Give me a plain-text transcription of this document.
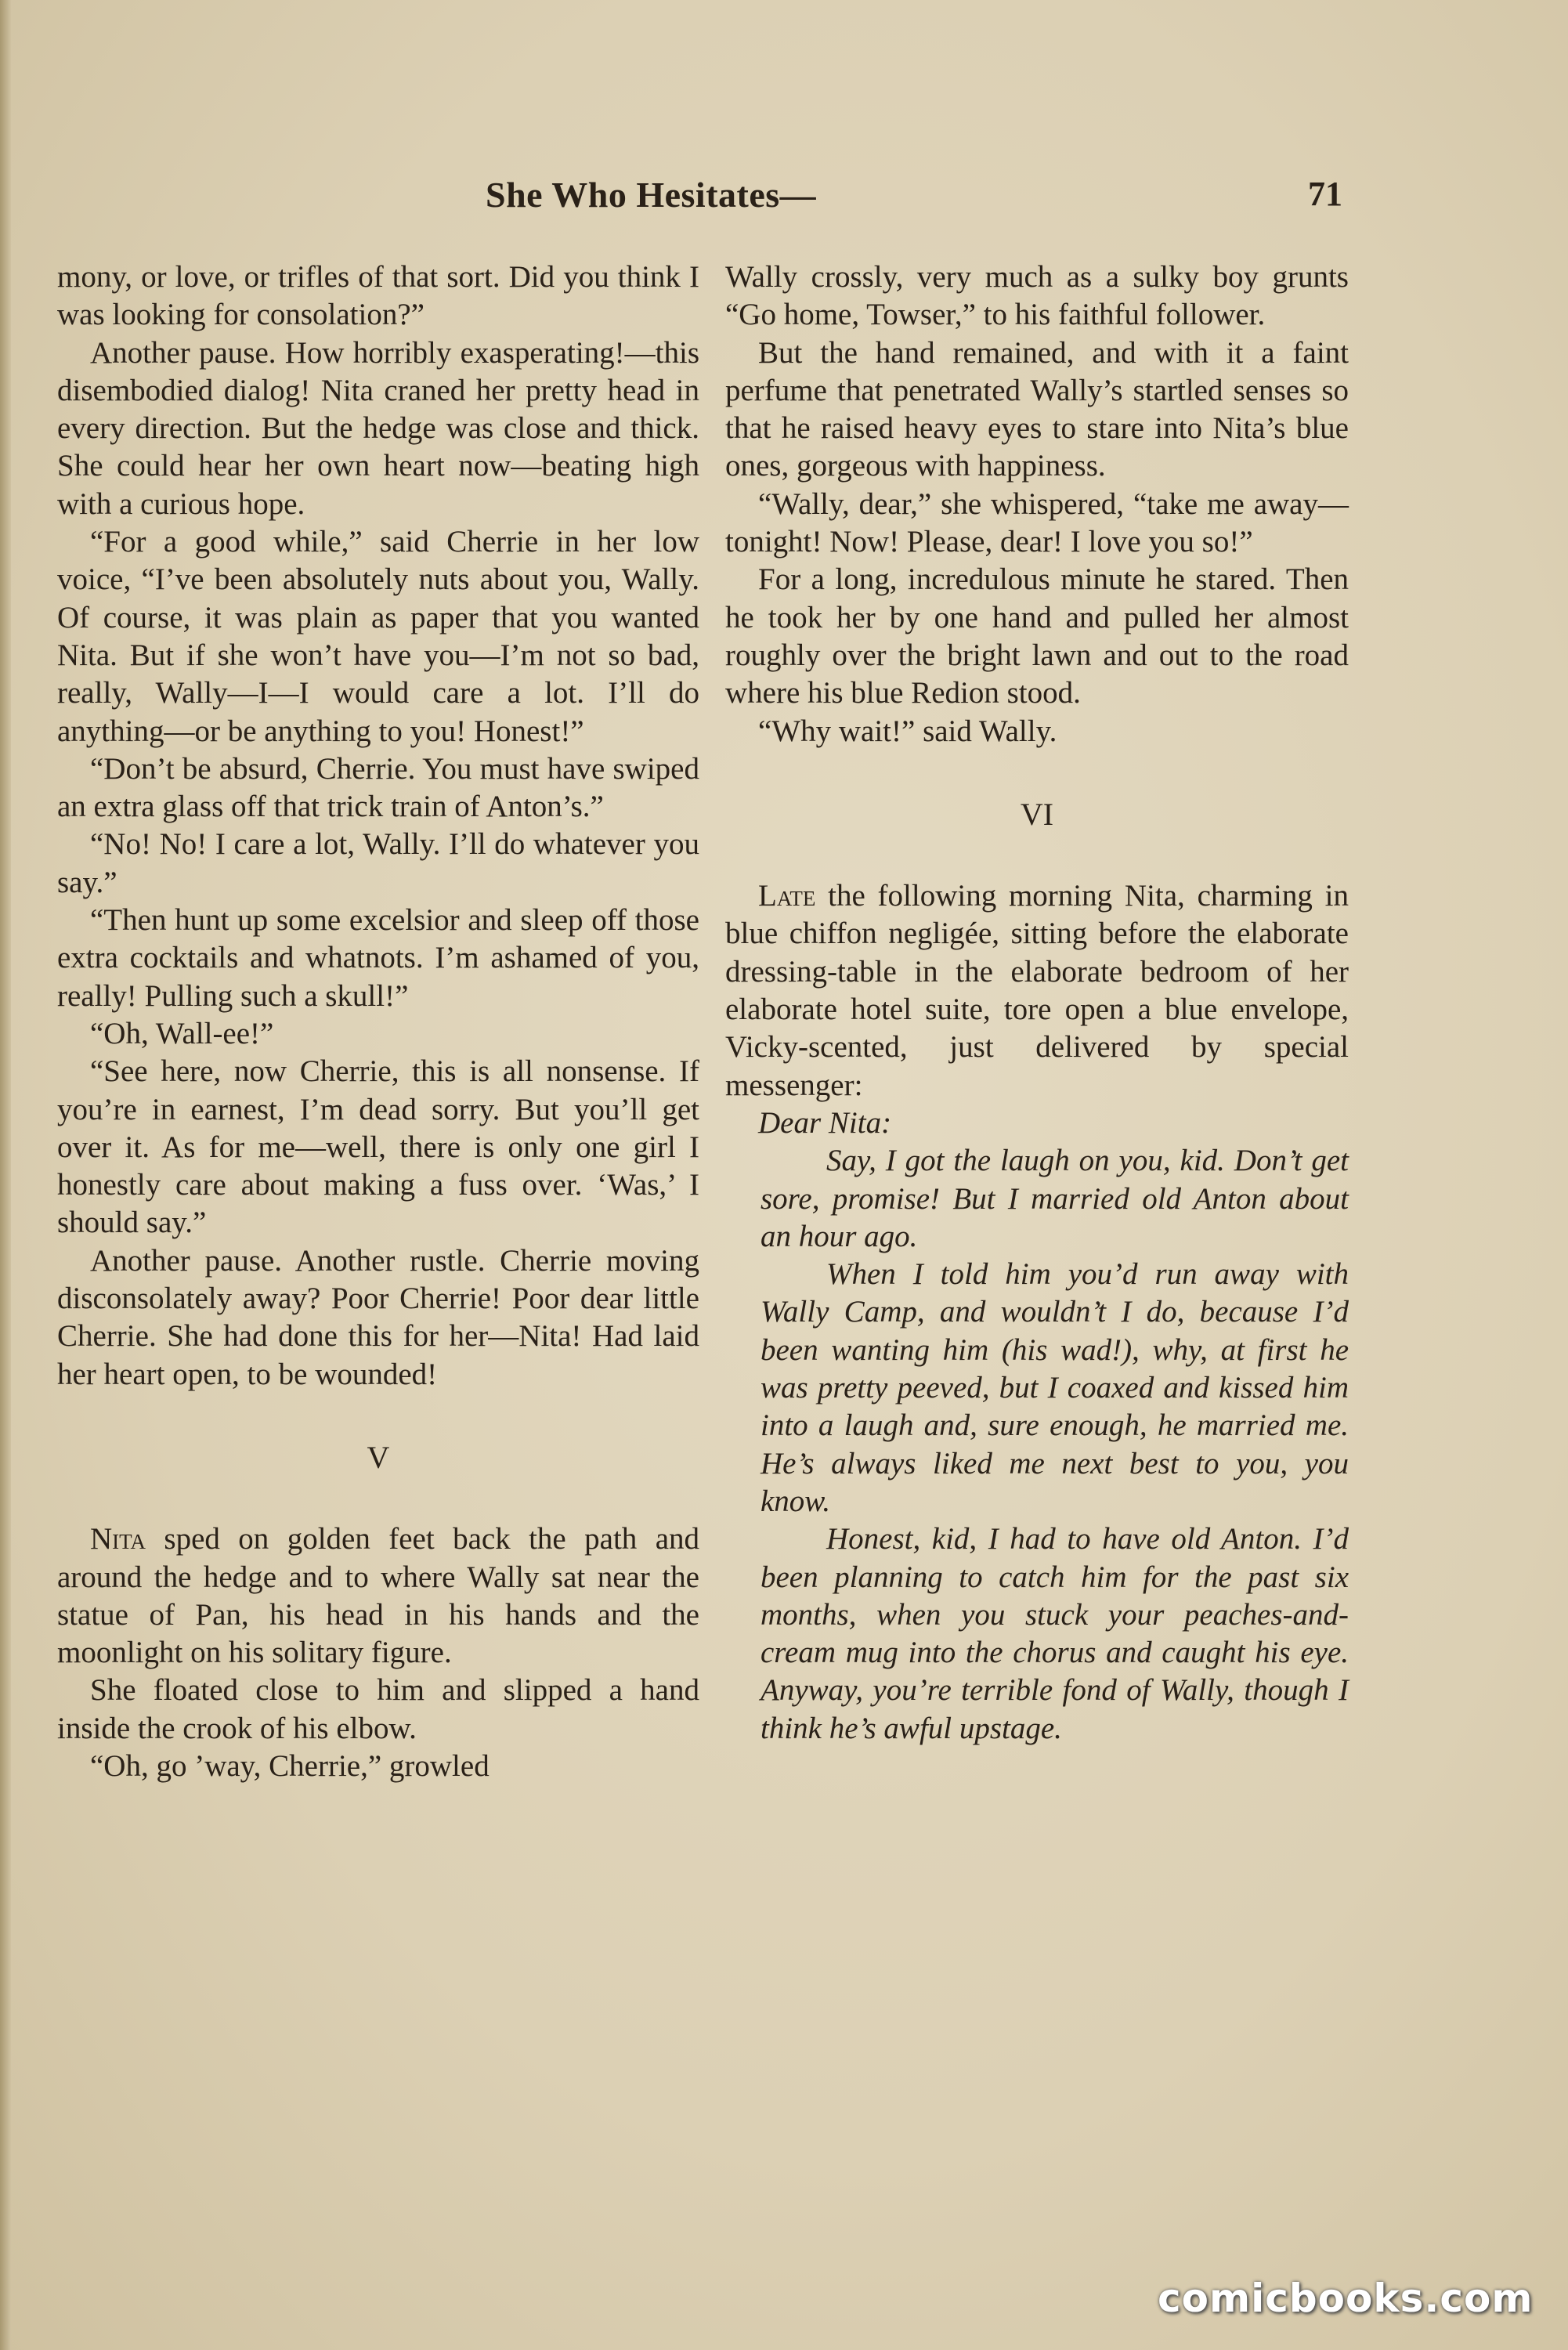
She Who Hesitates—	71

mony, or love, or trifles of that sort. Did you think I was looking for consolation?”

Another pause. How horribly exasperating!—this disembodied dialog! Nita craned her pretty head in every direction. But the hedge was close and thick. She could hear her own heart now—beating high with a curious hope.

“For a good while,” said Cherrie in her low voice, “I’ve been absolutely nuts about you, Wally. Of course, it was plain as paper that you wanted Nita. But if she won’t have you—I’m not so bad, really, Wally—I—I would care a lot. I’ll do anything—or be anything to you! Honest!”

“Don’t be absurd, Cherrie. You must have swiped an extra glass off that trick train of Anton’s.”

“No! No! I care a lot, Wally. I’ll do whatever you say.”

“Then hunt up some excelsior and sleep off those extra cocktails and whatnots. I’m ashamed of you, really! Pulling such a skull!”

“Oh, Wall-ee!”

“See here, now Cherrie, this is all nonsense. If you’re in earnest, I’m dead sorry. But you’ll get over it. As for me—well, there is only one girl I honestly care about making a fuss over. ‘Was,’ I should say.”

Another pause. Another rustle. Cherrie moving disconsolately away? Poor Cherrie! Poor dear little Cherrie. She had done this for her—Nita! Had laid her heart open, to be wounded!

V

Nita sped on golden feet back the path and around the hedge and to where Wally sat near the statue of Pan, his head in his hands and the moonlight on his solitary figure.

She floated close to him and slipped a hand inside the crook of his elbow.

“Oh, go ’way, Cherrie,” growled

Wally crossly, very much as a sulky boy grunts “Go home, Towser,” to his faithful follower.

But the hand remained, and with it a faint perfume that penetrated Wally’s startled senses so that he raised heavy eyes to stare into Nita’s blue ones, gorgeous with happiness.

“Wally, dear,” she whispered, “take me away—tonight! Now! Please, dear! I love you so!”

For a long, incredulous minute he stared. Then he took her by one hand and pulled her almost roughly over the bright lawn and out to the road where his blue Redion stood.

“Why wait!” said Wally.

VI

Late the following morning Nita, charming in blue chiffon negligée, sitting before the elaborate dressing-table in the elaborate bedroom of her elaborate hotel suite, tore open a blue envelope, Vicky-scented, just delivered by special messenger:

Dear Nita:

Say, I got the laugh on you, kid. Don’t get sore, promise! But I married old Anton about an hour ago.

When I told him you’d run away with Wally Camp, and wouldn’t I do, because I’d been wanting him (his wad!), why, at first he was pretty peeved, but I coaxed and kissed him into a laugh and, sure enough, he married me. He’s always liked me next best to you, you know.

Honest, kid, I had to have old Anton. I’d been planning to catch him for the past six months, when you stuck your peaches-and-cream mug into the chorus and caught his eye. Anyway, you’re terrible fond of Wally, though I think he’s awful upstage.

comicbooks.com
